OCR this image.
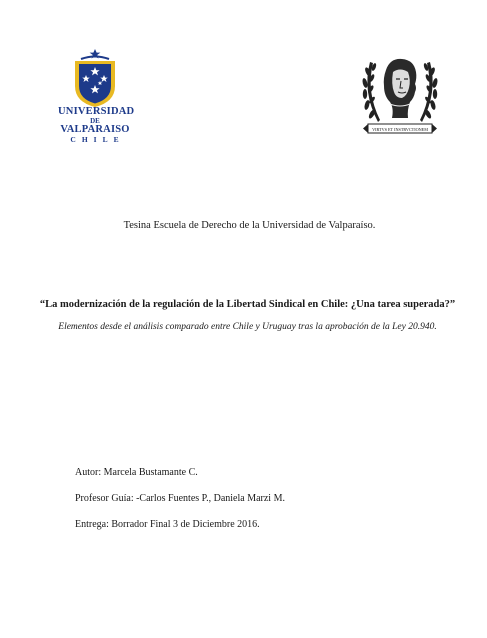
UNIVERSIDAD
DE
VALPARAISO
CHILE
VIRTVS ET INSTRVCTIONEM
Tesina Escuela de Derecho de la Universidad de Valparaíso.
“La modernización de la regulación de la Libertad Sindical en Chile: ¿Una tarea superada?”
Elementos desde el análisis comparado entre Chile y Uruguay tras la aprobación de la Ley 20.940.
Autor: Marcela Bustamante C.
Profesor Guía: -Carlos Fuentes P., Daniela Marzi M.
Entrega: Borrador Final 3 de Diciembre 2016.
